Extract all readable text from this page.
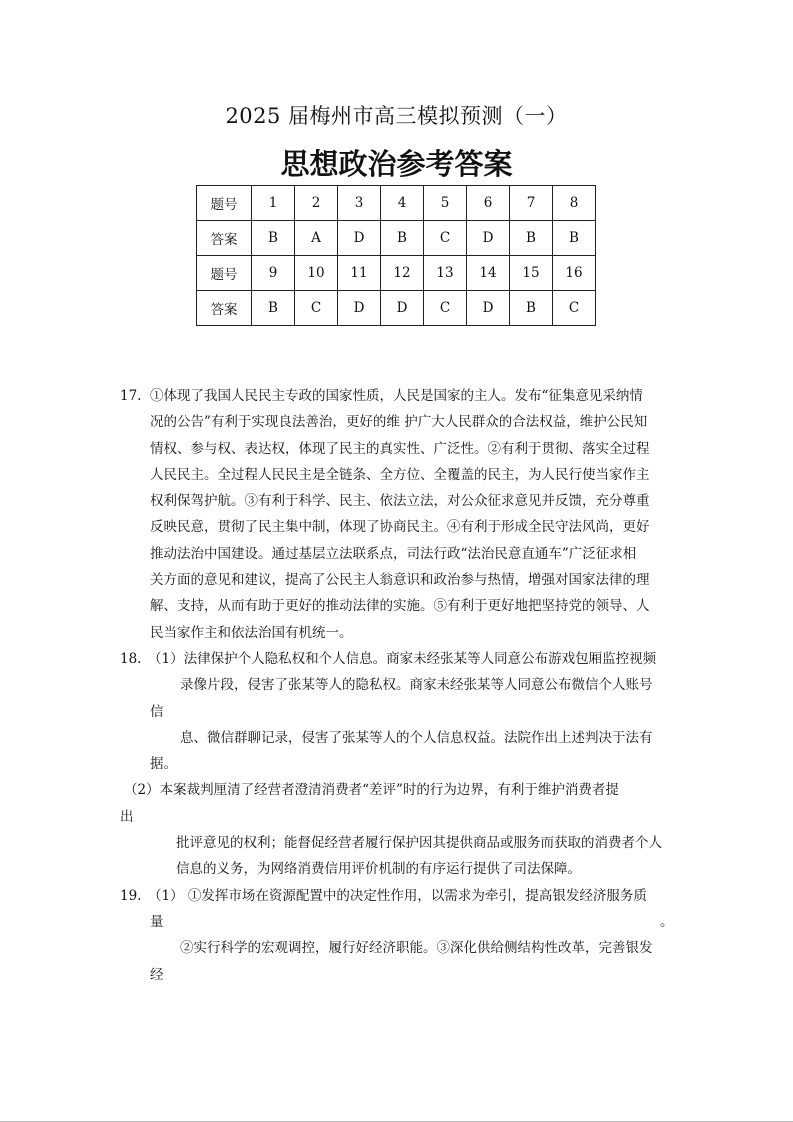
2025 届梅州市高三模拟预测（一）
思想政治参考答案
题号	1	2	3	4	5	6	7	8
答案	B	A	D	B	C	D	B	B
题号	9	10	11	12	13	14	15	16
答案	B	C	D	D	C	D	B	C
17. ①体现了我国人民民主专政的国家性质，人民是国家的主人。发布“征集意见采纳情
况的公告”有利于实现良法善治，更好的维 护广大人民群众的合法权益，维护公民知
情权、参与权、表达权，体现了民主的真实性、广泛性。②有利于贯彻、落实全过程
人民民主。全过程人民民主是全链条、全方位、全覆盖的民主，为人民行使当家作主
权利保驾护航。③有利于科学、民主、依法立法，对公众征求意见并反馈，充分尊重
反映民意，贯彻了民主集中制，体现了协商民主。④有利于形成全民守法风尚，更好
推动法治中国建设。通过基层立法联系点，司法行政“法治民意直通车”广泛征求相
关方面的意见和建议，提高了公民主人翁意识和政治参与热情，增强对国家法律的理
解、支持，从而有助于更好的推动法律的实施。⑤有利于更好地把坚持党的领导、人
民当家作主和依法治国有机统一。
18. （1）法律保护个人隐私权和个人信息。商家未经张某等人同意公布游戏包厢监控视频
录像片段，侵害了张某等人的隐私权。商家未经张某等人同意公布微信个人账号
信
息、微信群聊记录，侵害了张某等人的个人信息权益。法院作出上述判决于法有
据。
（2）本案裁判厘清了经营者澄清消费者“差评”时的行为边界，有利于维护消费者提
出
批评意见的权利；能督促经营者履行保护因其提供商品或服务而获取的消费者个人
信息的义务，为网络消费信用评价机制的有序运行提供了司法保障。
19. （1） ①发挥市场在资源配置中的决定性作用，以需求为牵引，提高银发经济服务质
量	。
②实行科学的宏观调控，履行好经济职能。③深化供给侧结构性改革，完善银发
经
